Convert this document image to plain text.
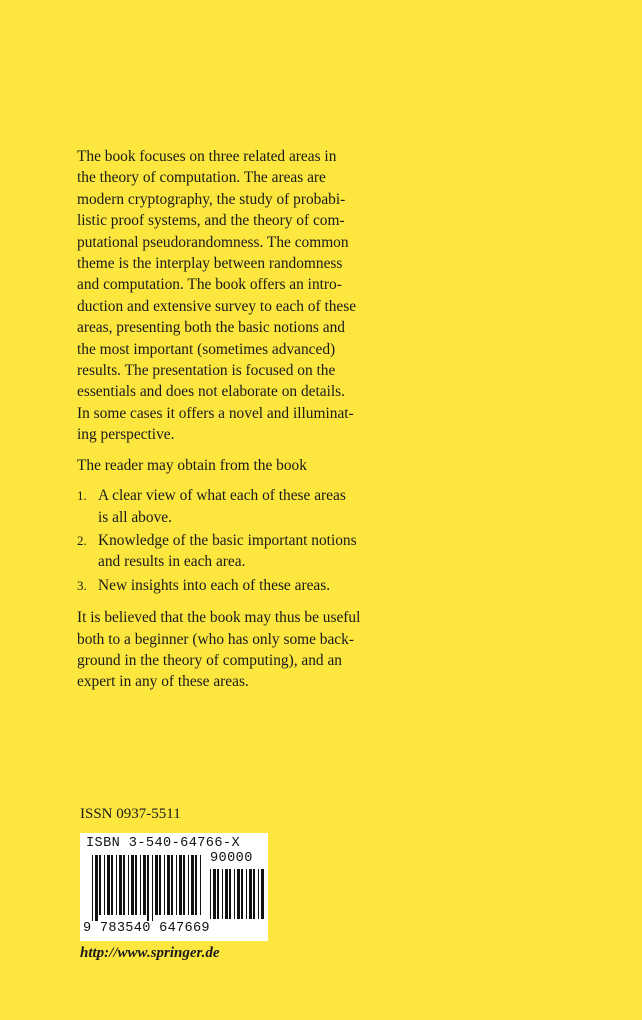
The book focuses on three related areas in
the theory of computation. The areas are
modern cryptography, the study of probabi-
listic proof systems, and the theory of com-
putational pseudorandomness. The common
theme is the interplay between randomness
and computation. The book offers an intro-
duction and extensive survey to each of these
areas, presenting both the basic notions and
the most important (sometimes advanced)
results. The presentation is focused on the
essentials and does not elaborate on details.
In some cases it offers a novel and illuminat-
ing perspective.

The reader may obtain from the book

1. A clear view of what each of these areas
is all above.
2. Knowledge of the basic important notions
and results in each area.
3. New insights into each of these areas.

It is believed that the book may thus be useful
both to a beginner (who has only some back-
ground in the theory of computing), and an
expert in any of these areas.

ISSN 0937-5511
ISBN 3-540-64766-X
90000
9 783540 647669
http://www.springer.de
